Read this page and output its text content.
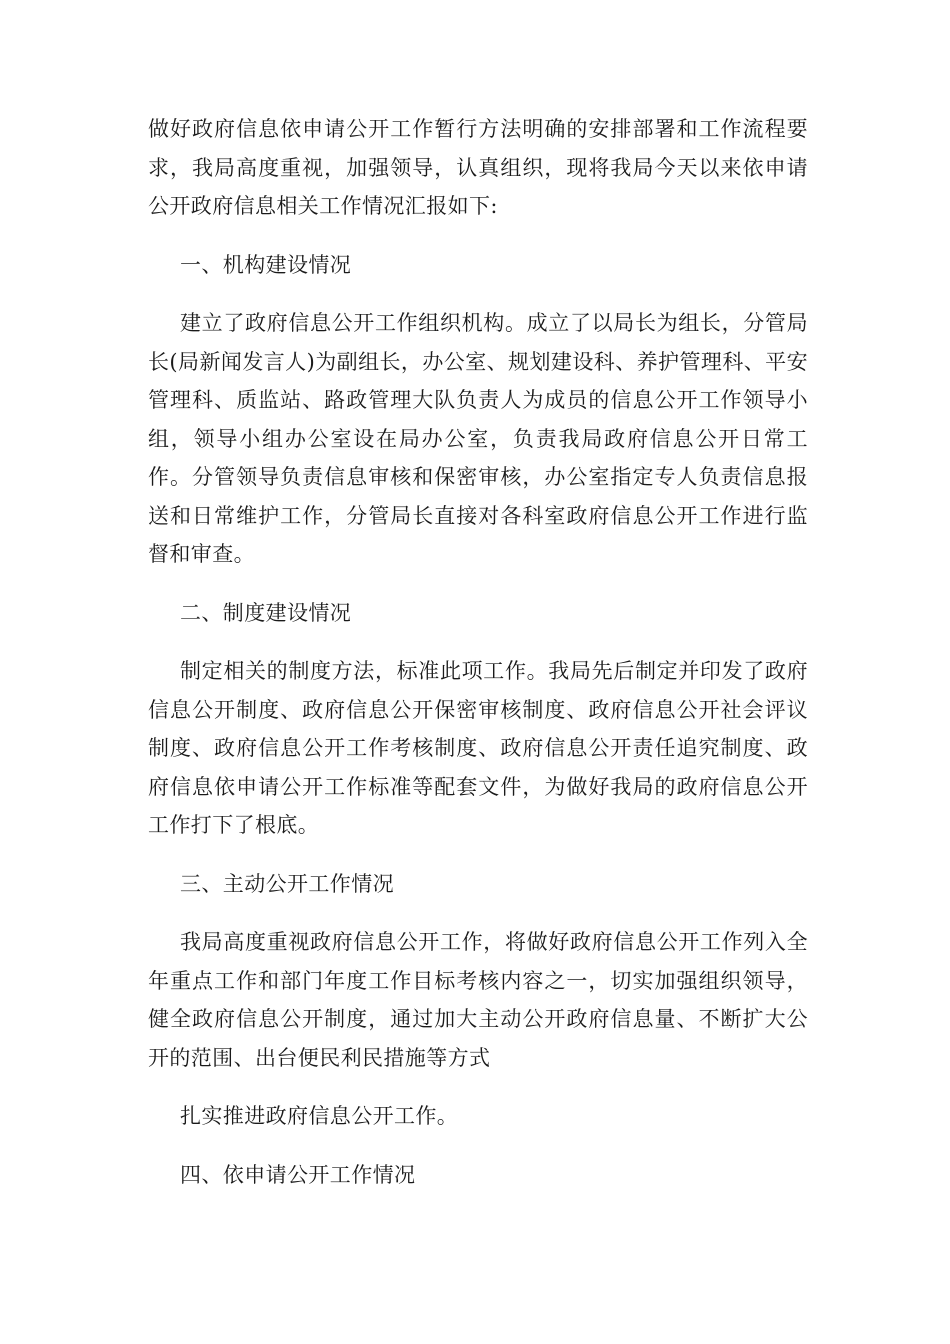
做好政府信息依申请公开工作暂行方法明确的安排部署和工作流程要求，我局高度重视，加强领导，认真组织，现将我局今天以来依申请公开政府信息相关工作情况汇报如下:

一、机构建设情况

建立了政府信息公开工作组织机构。成立了以局长为组长，分管局长(局新闻发言人)为副组长，办公室、规划建设科、养护管理科、平安管理科、质监站、路政管理大队负责人为成员的信息公开工作领导小组，领导小组办公室设在局办公室，负责我局政府信息公开日常工作。分管领导负责信息审核和保密审核，办公室指定专人负责信息报送和日常维护工作，分管局长直接对各科室政府信息公开工作进行监督和审查。

二、制度建设情况

制定相关的制度方法，标准此项工作。我局先后制定并印发了政府信息公开制度、政府信息公开保密审核制度、政府信息公开社会评议制度、政府信息公开工作考核制度、政府信息公开责任追究制度、政府信息依申请公开工作标准等配套文件，为做好我局的政府信息公开工作打下了根底。

三、主动公开工作情况

我局高度重视政府信息公开工作，将做好政府信息公开工作列入全年重点工作和部门年度工作目标考核内容之一，切实加强组织领导，健全政府信息公开制度，通过加大主动公开政府信息量、不断扩大公开的范围、出台便民利民措施等方式

扎实推进政府信息公开工作。

四、依申请公开工作情况
